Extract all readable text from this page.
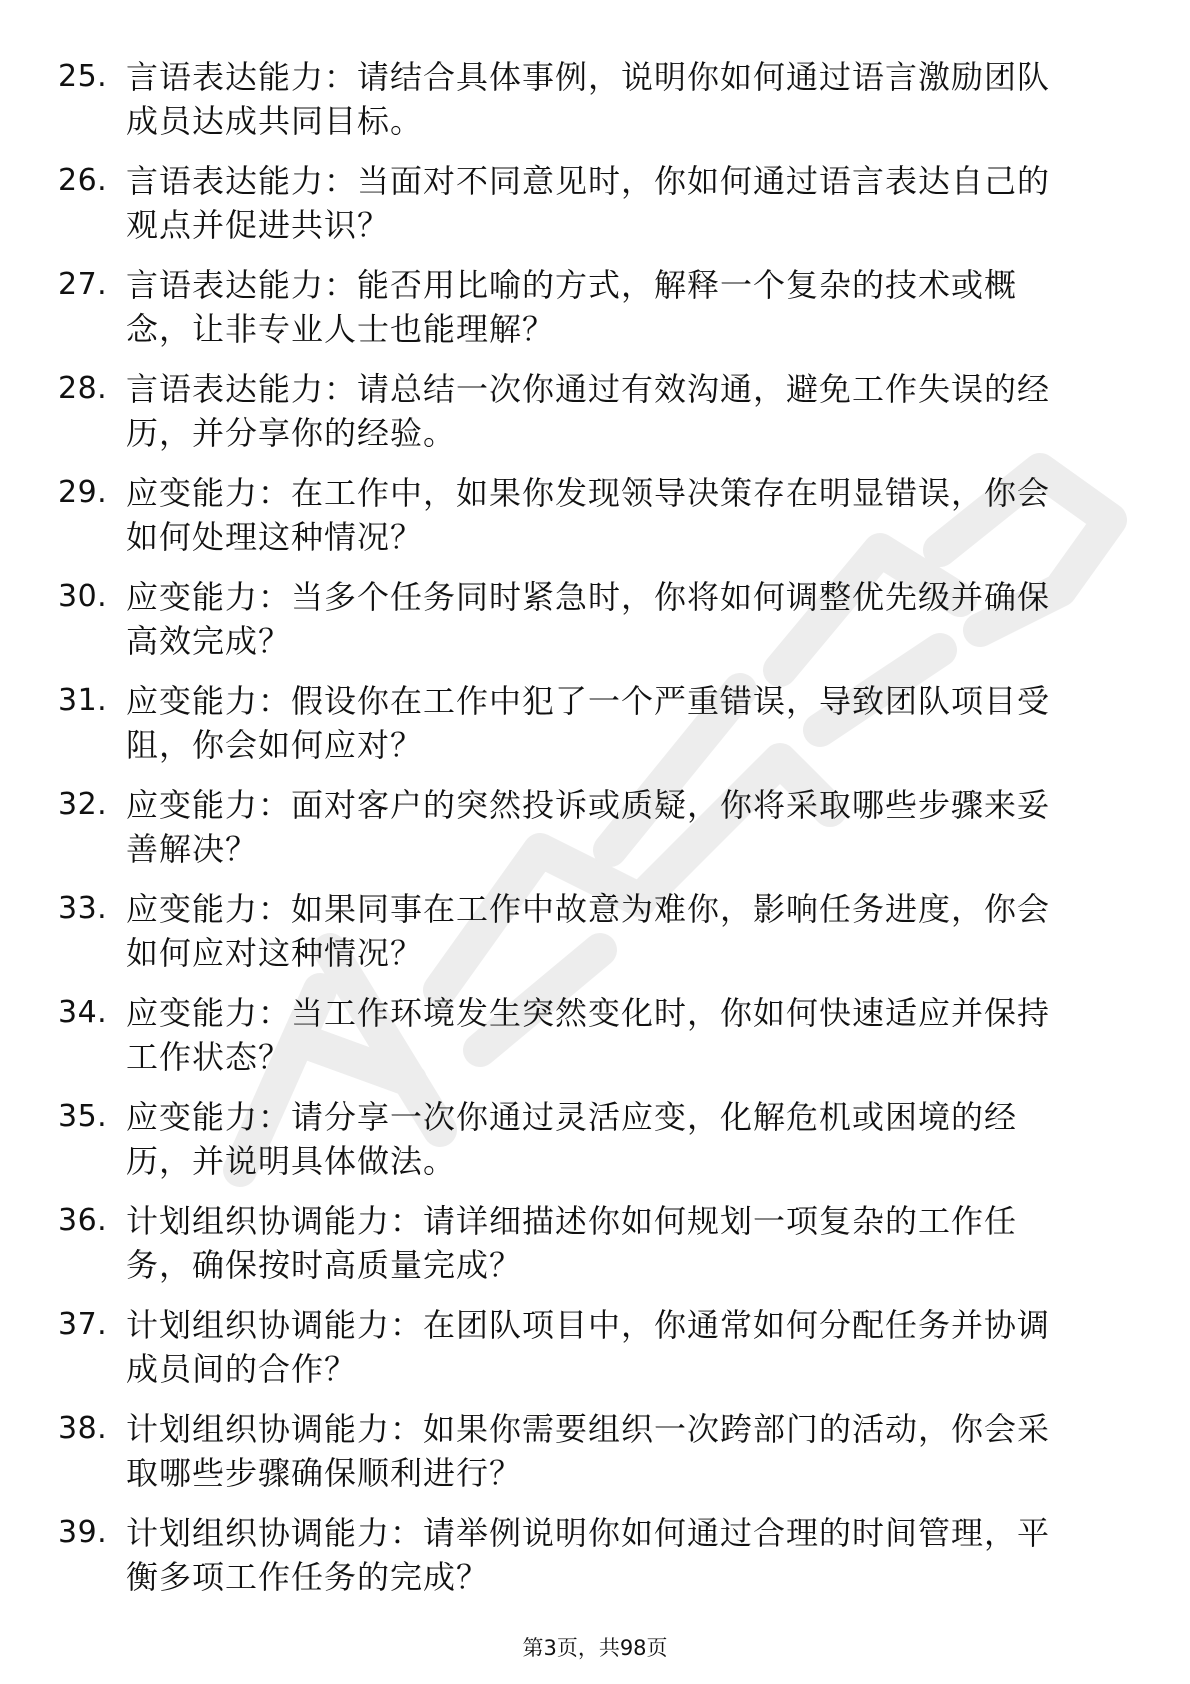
25. 言语表达能力：请结合具体事例，说明你如何通过语言激励团队
成员达成共同目标。
26. 言语表达能力：当面对不同意见时，你如何通过语言表达自己的
观点并促进共识？
27. 言语表达能力：能否用比喻的方式，解释一个复杂的技术或概
念，让非专业人士也能理解？
28. 言语表达能力：请总结一次你通过有效沟通，避免工作失误的经
历，并分享你的经验。
29. 应变能力：在工作中，如果你发现领导决策存在明显错误，你会
如何处理这种情况？
30. 应变能力：当多个任务同时紧急时，你将如何调整优先级并确保
高效完成？
31. 应变能力：假设你在工作中犯了一个严重错误，导致团队项目受
阻，你会如何应对？
32. 应变能力：面对客户的突然投诉或质疑，你将采取哪些步骤来妥
善解决？
33. 应变能力：如果同事在工作中故意为难你，影响任务进度，你会
如何应对这种情况？
34. 应变能力：当工作环境发生突然变化时，你如何快速适应并保持
工作状态？
35. 应变能力：请分享一次你通过灵活应变，化解危机或困境的经
历，并说明具体做法。
36. 计划组织协调能力：请详细描述你如何规划一项复杂的工作任
务，确保按时高质量完成？
37. 计划组织协调能力：在团队项目中，你通常如何分配任务并协调
成员间的合作？
38. 计划组织协调能力：如果你需要组织一次跨部门的活动，你会采
取哪些步骤确保顺利进行？
39. 计划组织协调能力：请举例说明你如何通过合理的时间管理，平
衡多项工作任务的完成？
第3页，共98页
